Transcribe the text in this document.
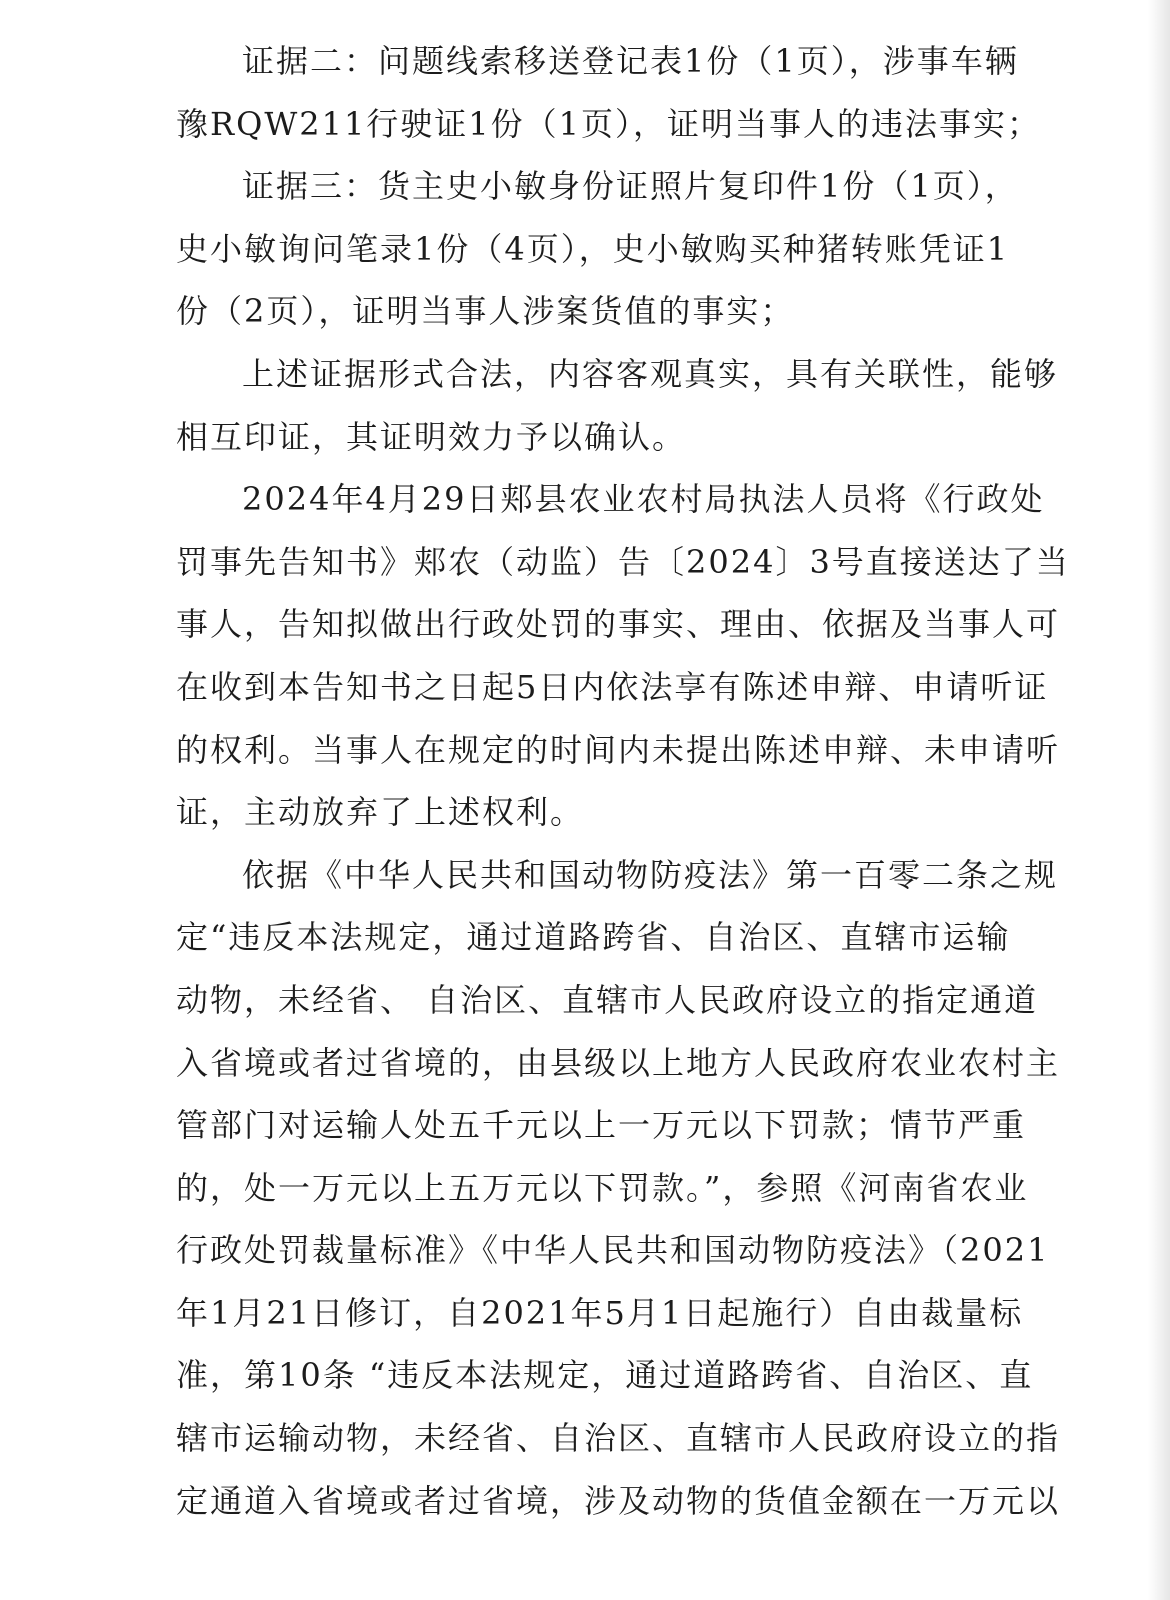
证据二：问题线索移送登记表1份（1页），涉事车辆
豫RQW211行驶证1份（1页），证明当事人的违法事实；
证据三：货主史小敏身份证照片复印件1份（1页），
史小敏询问笔录1份（4页），史小敏购买种猪转账凭证1
份（2页），证明当事人涉案货值的事实；
上述证据形式合法，内容客观真实，具有关联性，能够
相互印证，其证明效力予以确认。
2024年4月29日郏县农业农村局执法人员将《行政处
罚事先告知书》郏农（动监）告〔2024〕3号直接送达了当
事人，告知拟做出行政处罚的事实、理由、依据及当事人可
在收到本告知书之日起5日内依法享有陈述申辩、申请听证
的权利。当事人在规定的时间内未提出陈述申辩、未申请听
证，主动放弃了上述权利。
依据《中华人民共和国动物防疫法》第一百零二条之规
定“违反本法规定，通过道路跨省、自治区、直辖市运输
动物，未经省、 自治区、直辖市人民政府设立的指定通道
入省境或者过省境的，由县级以上地方人民政府农业农村主
管部门对运输人处五千元以上一万元以下罚款；情节严重
的，处一万元以上五万元以下罚款。”，参照《河南省农业
行政处罚裁量标准》《中华人民共和国动物防疫法》（2021
年1月21日修订，自2021年5月1日起施行）自由裁量标
准，第10条 “违反本法规定，通过道路跨省、自治区、直
辖市运输动物，未经省、自治区、直辖市人民政府设立的指
定通道入省境或者过省境，涉及动物的货值金额在一万元以
